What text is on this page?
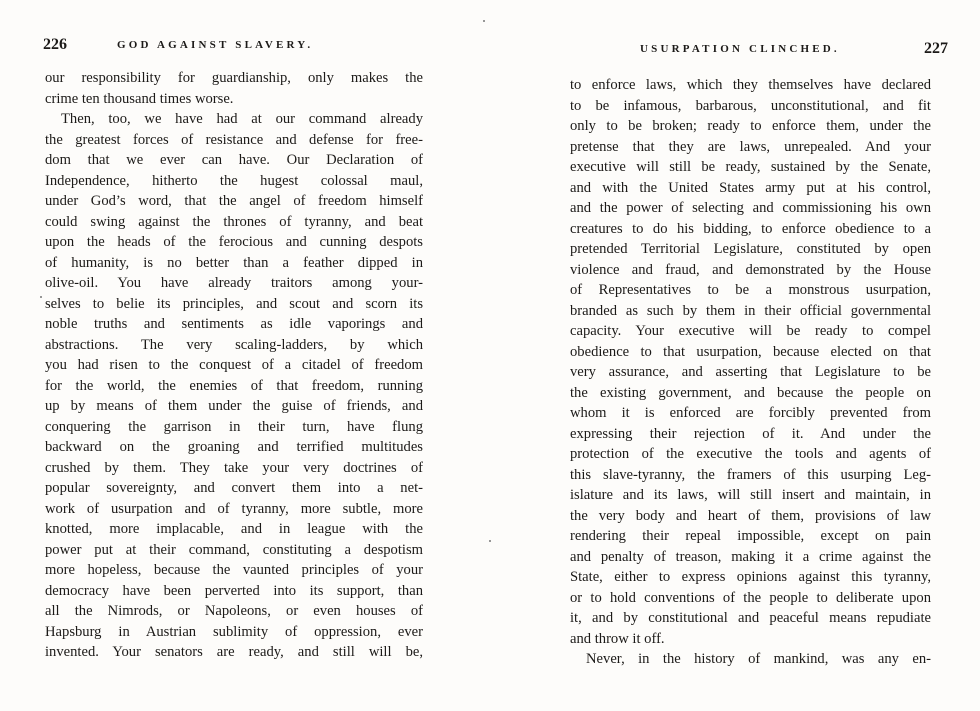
226	GOD AGAINST SLAVERY.
our responsibility for guardianship, only makes the
crime ten thousand times worse.
Then, too, we have had at our command already
the greatest forces of resistance and defense for free-
dom that we ever can have. Our Declaration of
Independence, hitherto the hugest colossal maul,
under God’s word, that the angel of freedom himself
could swing against the thrones of tyranny, and beat
upon the heads of the ferocious and cunning despots
of humanity, is no better than a feather dipped in
olive-oil. You have already traitors among your-
selves to belie its principles, and scout and scorn its
noble truths and sentiments as idle vaporings and
abstractions. The very scaling-ladders, by which
you had risen to the conquest of a citadel of freedom
for the world, the enemies of that freedom, running
up by means of them under the guise of friends, and
conquering the garrison in their turn, have flung
backward on the groaning and terrified multitudes
crushed by them. They take your very doctrines of
popular sovereignty, and convert them into a net-
work of usurpation and of tyranny, more subtle, more
knotted, more implacable, and in league with the
power put at their command, constituting a despotism
more hopeless, because the vaunted principles of your
democracy have been perverted into its support, than
all the Nimrods, or Napoleons, or even houses of
Hapsburg in Austrian sublimity of oppression, ever
invented. Your senators are ready, and still will be,
USURPATION CLINCHED.	227
to enforce laws, which they themselves have declared
to be infamous, barbarous, unconstitutional, and fit
only to be broken; ready to enforce them, under the
pretense that they are laws, unrepealed. And your
executive will still be ready, sustained by the Senate,
and with the United States army put at his control,
and the power of selecting and commissioning his own
creatures to do his bidding, to enforce obedience to a
pretended Territorial Legislature, constituted by open
violence and fraud, and demonstrated by the House
of Representatives to be a monstrous usurpation,
branded as such by them in their official governmental
capacity. Your executive will be ready to compel
obedience to that usurpation, because elected on that
very assurance, and asserting that Legislature to be
the existing government, and because the people on
whom it is enforced are forcibly prevented from
expressing their rejection of it. And under the
protection of the executive the tools and agents of
this slave-tyranny, the framers of this usurping Leg-
islature and its laws, will still insert and maintain, in
the very body and heart of them, provisions of law
rendering their repeal impossible, except on pain
and penalty of treason, making it a crime against the
State, either to express opinions against this tyranny,
or to hold conventions of the people to deliberate upon
it, and by constitutional and peaceful means repudiate
and throw it off.
Never, in the history of mankind, was any en-
